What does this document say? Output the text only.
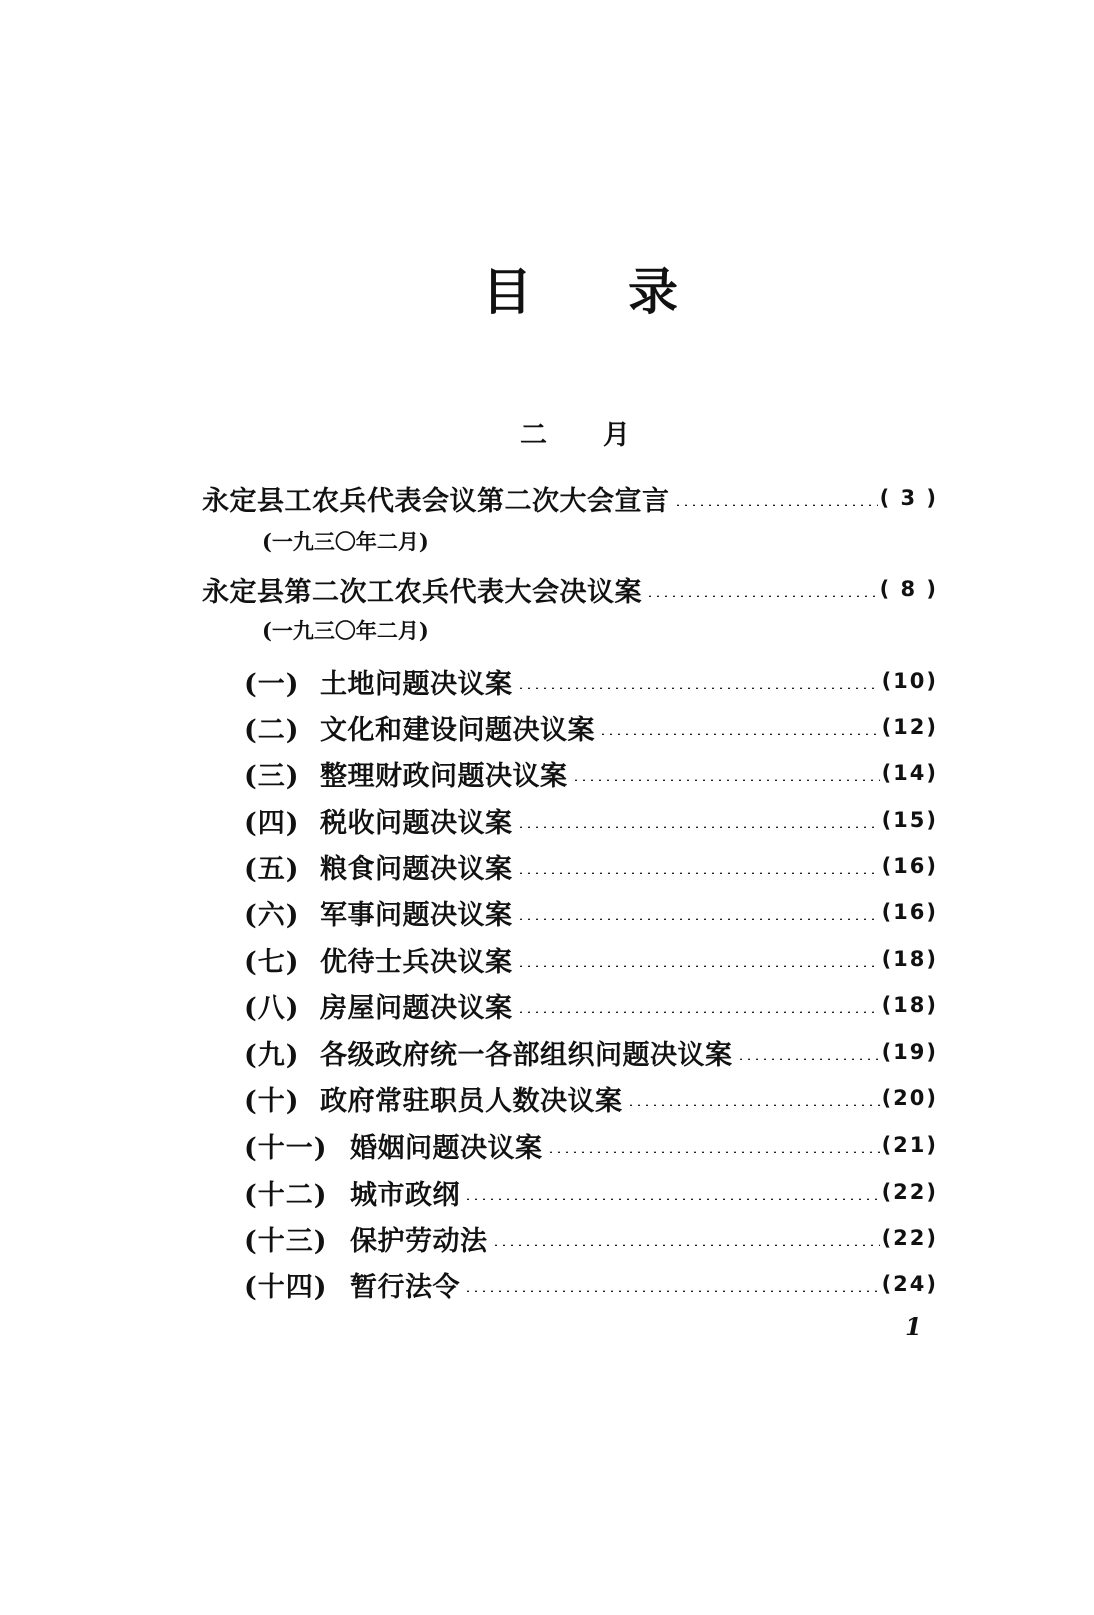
目 录
二 月
永定县工农兵代表会议第二次大会宣言	( 3 )
(一九三〇年二月)
永定县第二次工农兵代表大会决议案	( 8 )
(一九三〇年二月)
(一) 土地问题决议案	(10)
(二) 文化和建设问题决议案	(12)
(三) 整理财政问题决议案	(14)
(四) 税收问题决议案	(15)
(五) 粮食问题决议案	(16)
(六) 军事问题决议案	(16)
(七) 优待士兵决议案	(18)
(八) 房屋问题决议案	(18)
(九) 各级政府统一各部组织问题决议案	(19)
(十) 政府常驻职员人数决议案	(20)
(十一) 婚姻问题决议案	(21)
(十二) 城市政纲	(22)
(十三) 保护劳动法	(22)
(十四) 暂行法令	(24)

1
